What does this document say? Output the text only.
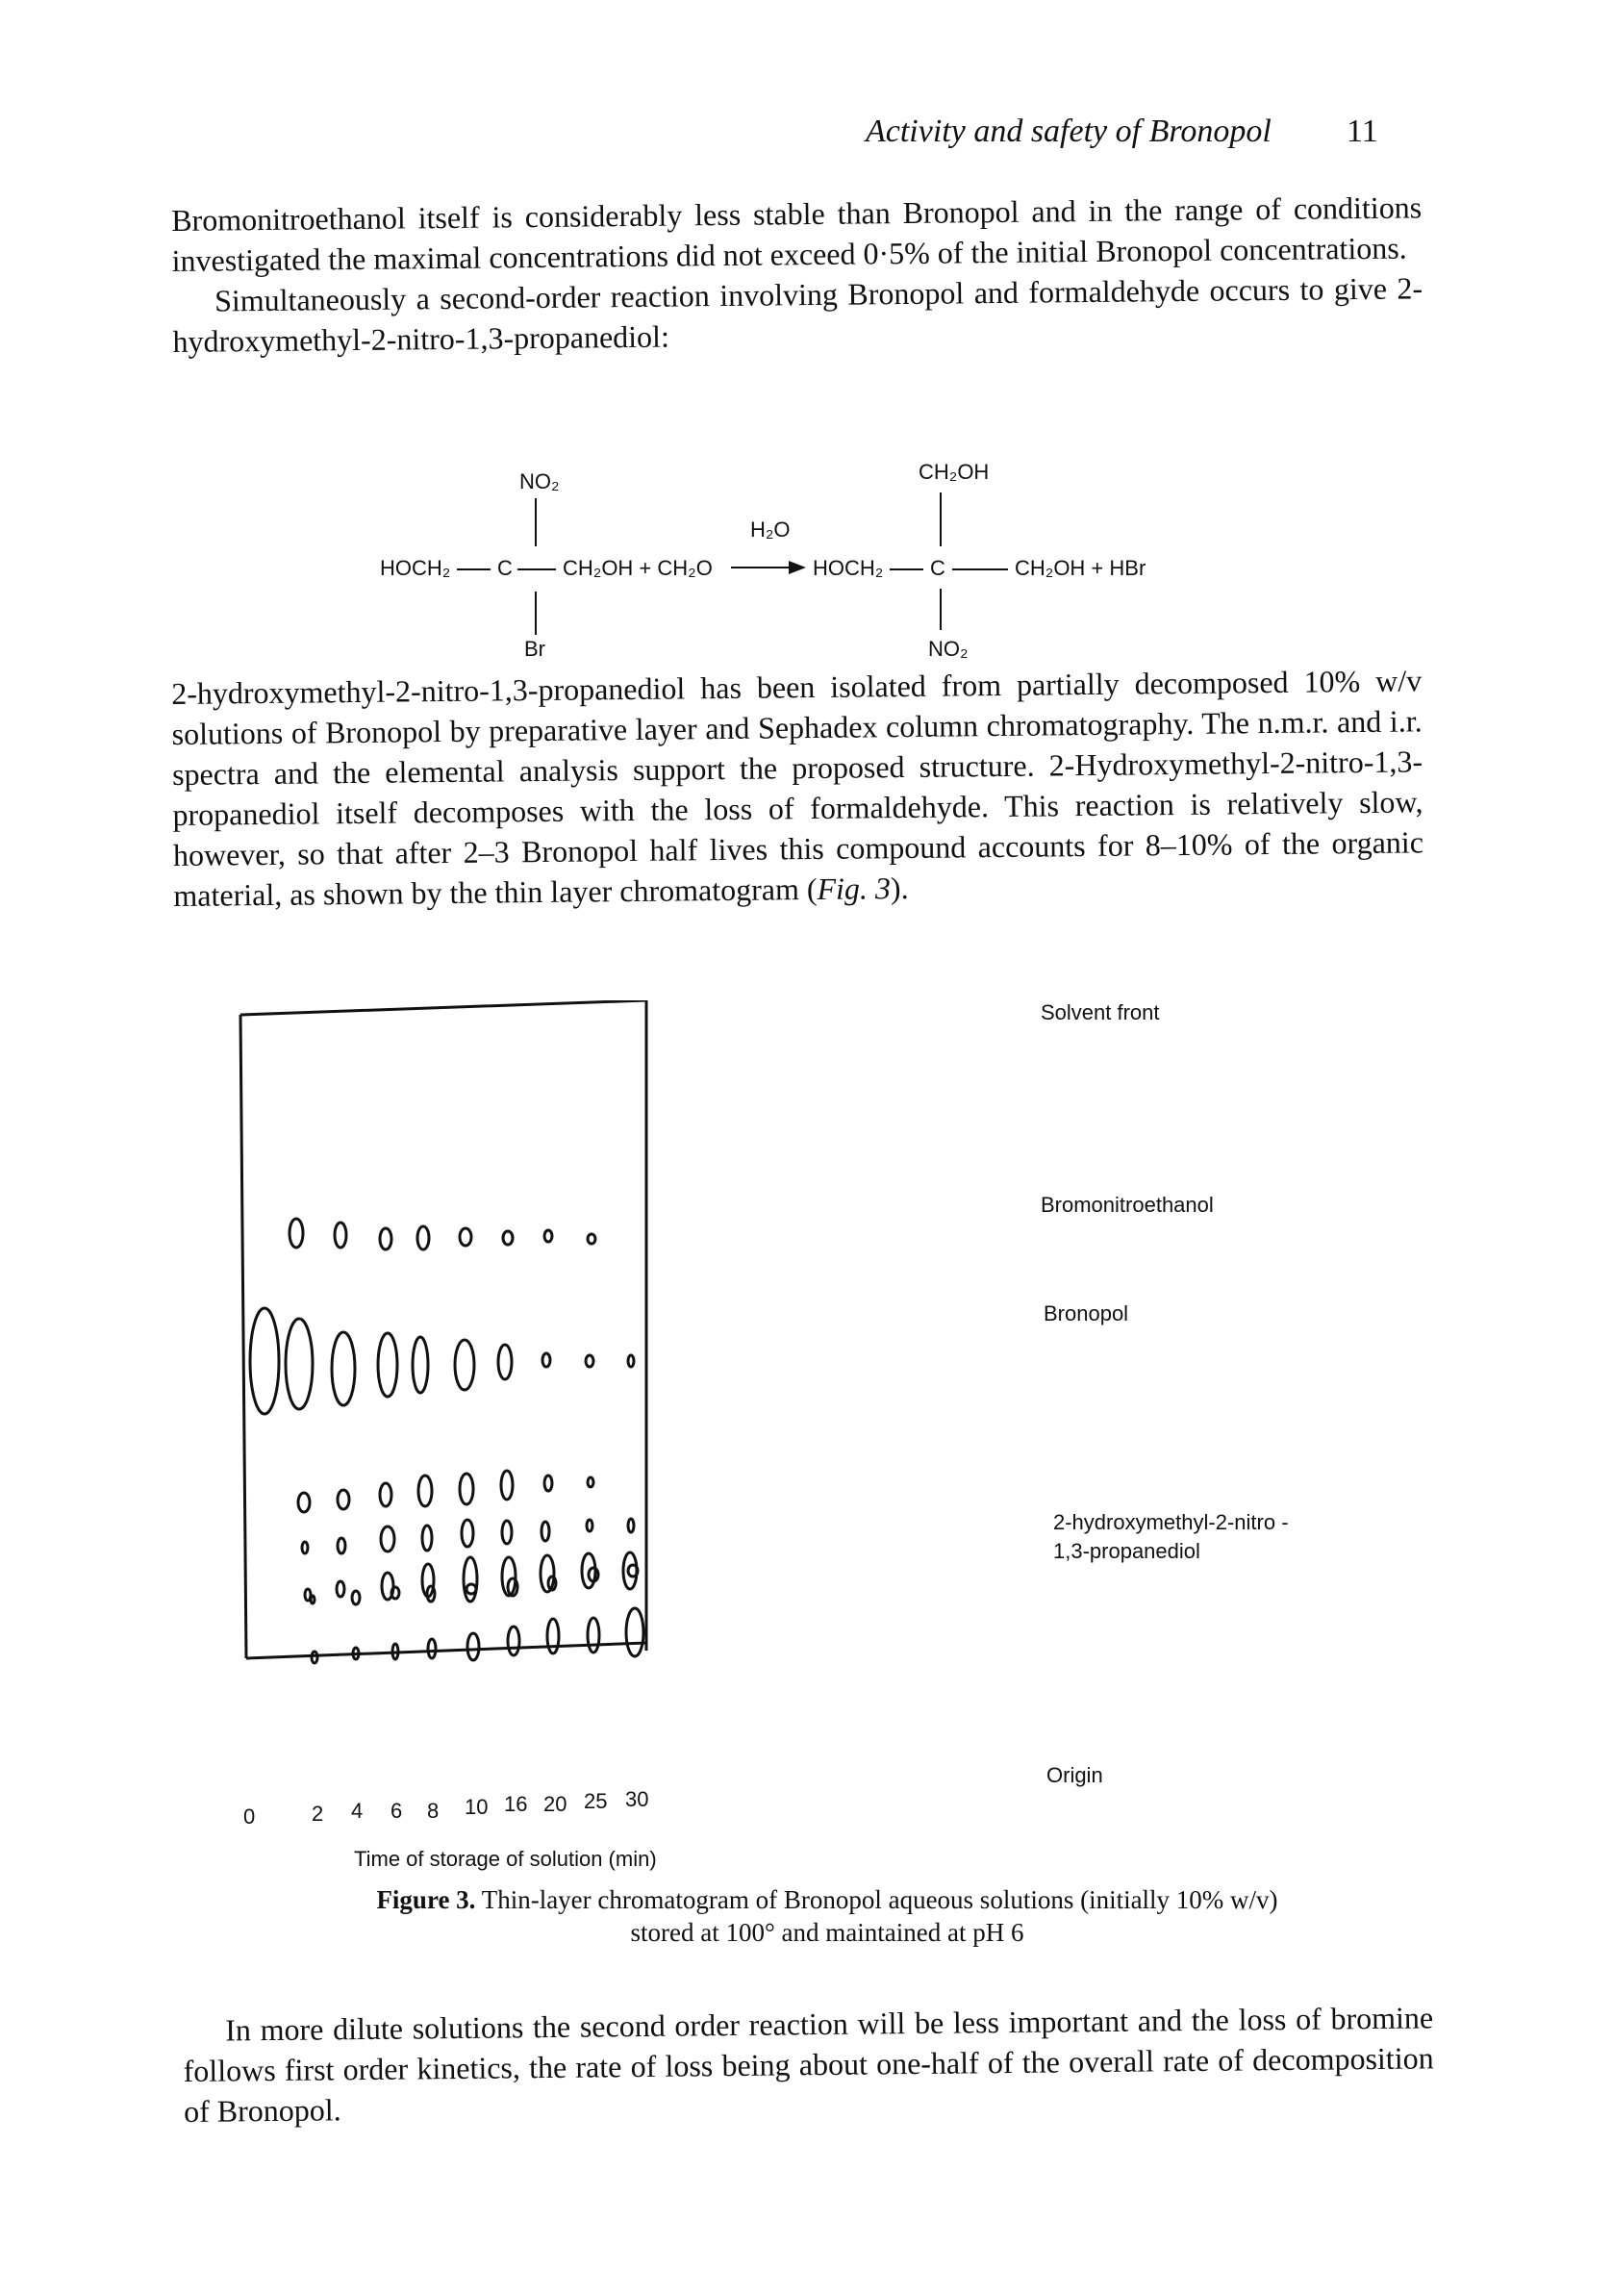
Activity and safety of Bronopol 11

Bromonitroethanol itself is considerably less stable than Bronopol and in the range of conditions investigated the maximal concentrations did not exceed 0·5% of the initial Bronopol concentrations.

Simultaneously a second-order reaction involving Bronopol and formaldehyde occurs to give 2-hydroxymethyl-2-nitro-1,3-propanediol:

NO₂
HOCH₂ C CH₂OH + CH₂O
Br
H₂O
HOCH₂ C
CH₂OH
CH₂OH + HBr
NO₂

2-hydroxymethyl-2-nitro-1,3-propanediol has been isolated from partially decomposed 10% w/v solutions of Bronopol by preparative layer and Sephadex column chromatography. The n.m.r. and i.r. spectra and the elemental analysis support the proposed structure. 2-Hydroxymethyl-2-nitro-1,3-propanediol itself decomposes with the loss of formaldehyde. This reaction is relatively slow, however, so that after 2–3 Bronopol half lives this compound accounts for 8–10% of the organic material, as shown by the thin layer chromatogram (Fig. 3).

Solvent front
Bromonitroethanol
Bronopol
2-hydroxymethyl-2-nitro -
1,3-propanediol
Origin
0	2 4 6 8 10 16 20 25 30
Time of storage of solution (min)
Figure 3. Thin-layer chromatogram of Bronopol aqueous solutions (initially 10% w/v)
stored at 100° and maintained at pH 6

In more dilute solutions the second order reaction will be less important and the loss of bromine follows first order kinetics, the rate of loss being about one-half of the overall rate of decomposition of Bronopol.
